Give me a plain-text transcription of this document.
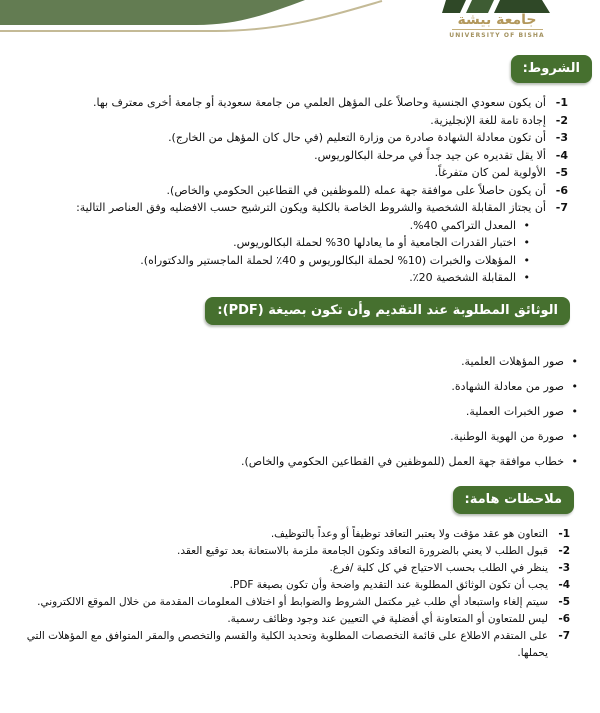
جامعة بيشة
UNIVERSITY OF BISHA
الشروط:
أن يكون سعودي الجنسية وحاصلاً على المؤهل العلمي من جامعة سعودية أو جامعة أخرى معترف بها.
إجادة تامة للغة الإنجليزية.
أن تكون معادلة الشهادة صادرة من وزارة التعليم (في حال كان المؤهل من الخارج).
ألا يقل تقديره عن جيد جداً في مرحلة البكالوريوس.
الأولوية لمن كان متفرغاً.
أن يكون حاصلاً على موافقة جهة عمله (للموظفين في القطاعين الحكومي والخاص).
أن يجتاز المقابلة الشخصية والشروط الخاصة بالكلية ويكون الترشيح حسب الافضليه وفق العناصر التالية:
• المعدل التراكمي 40%.
• اختبار القدرات الجامعية أو ما يعادلها 30% لحملة البكالوريوس.
• المؤهلات والخبرات (10% لحملة البكالوريوس و 40٪ لحملة الماجستير والدكتوراه).
• المقابلة الشخصية 20٪.
الوثائق المطلوبة عند التقديم وأن تكون بصيغة (PDF):
• صور المؤهلات العلمية.
• صور من معادلة الشهادة.
• صور الخبرات العملية.
• صورة من الهوية الوطنية.
• خطاب موافقة جهة العمل (للموظفين في القطاعين الحكومي والخاص).
ملاحظات هامة:
التعاون هو عقد مؤقت ولا يعتبر التعاقد توظيفاً أو وعداً بالتوظيف.
قبول الطلب لا يعني بالضرورة التعاقد وتكون الجامعة ملزمة بالاستعانة بعد توقيع العقد.
ينظر في الطلب بحسب الاحتياج في كل كلية /فرع.
يجب أن تكون الوثائق المطلوبة عند التقديم واضحة وأن تكون بصيغة PDF.
سيتم إلغاء واستبعاد أي طلب غير مكتمل الشروط والضوابط أو اختلاف المعلومات المقدمة من خلال الموقع الالكتروني.
ليس للمتعاون أو المتعاونة أي أفضلية في التعيين عند وجود وظائف رسمية.
على المتقدم الاطلاع على قائمة التخصصات المطلوبة وتحديد الكلية والقسم والتخصص والمقر المتوافق مع المؤهلات التي يحملها.
